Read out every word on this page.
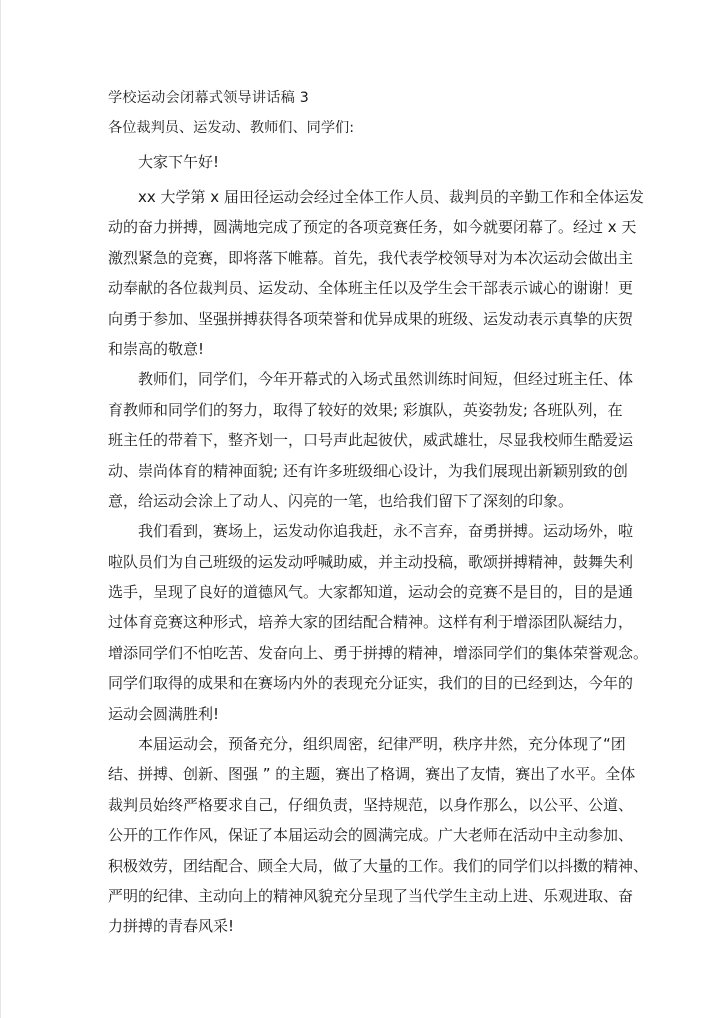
学校运动会闭幕式领导讲话稿 3

各位裁判员、运发动、教师们、同学们:

大家下午好!

xx 大学第 x 届田径运动会经过全体工作人员、裁判员的辛勤工作和全体运发
动的奋力拼搏，圆满地完成了预定的各项竞赛任务，如今就要闭幕了。经过 x 天
激烈紧急的竞赛，即将落下帷幕。首先，我代表学校领导对为本次运动会做出主
动奉献的各位裁判员、运发动、全体班主任以及学生会干部表示诚心的谢谢！更
向勇于参加、坚强拼搏获得各项荣誉和优异成果的班级、运发动表示真挚的庆贺
和崇高的敬意!
教师们，同学们，今年开幕式的入场式虽然训练时间短，但经过班主任、体
育教师和同学们的努力，取得了较好的效果; 彩旗队，英姿勃发; 各班队列，在
班主任的带着下，整齐划一，口号声此起彼伏，威武雄壮，尽显我校师生酷爱运
动、崇尚体育的精神面貌; 还有许多班级细心设计，为我们展现出新颖别致的创
意，给运动会涂上了动人、闪亮的一笔，也给我们留下了深刻的印象。
我们看到，赛场上，运发动你追我赶，永不言弃，奋勇拼搏。运动场外，啦
啦队员们为自己班级的运发动呼喊助威，并主动投稿，歌颂拼搏精神，鼓舞失利
选手，呈现了良好的道德风气。大家都知道，运动会的竞赛不是目的，目的是通
过体育竞赛这种形式，培养大家的团结配合精神。这样有利于增添团队凝结力，
增添同学们不怕吃苦、发奋向上、勇于拼搏的精神，增添同学们的集体荣誉观念。
同学们取得的成果和在赛场内外的表现充分证实，我们的目的已经到达，今年的
运动会圆满胜利!
本届运动会，预备充分，组织周密，纪律严明，秩序井然，充分体现了“团
结、拼搏、创新、图强 ” 的主题，赛出了格调，赛出了友情，赛出了水平。全体
裁判员始终严格要求自己，仔细负责，坚持规范，以身作那么，以公平、公道、
公开的工作作风，保证了本届运动会的圆满完成。广大老师在活动中主动参加、
积极效劳，团结配合、顾全大局，做了大量的工作。我们的同学们以抖擞的精神、
严明的纪律、主动向上的精神风貌充分呈现了当代学生主动上进、乐观进取、奋
力拼搏的青春风采!
